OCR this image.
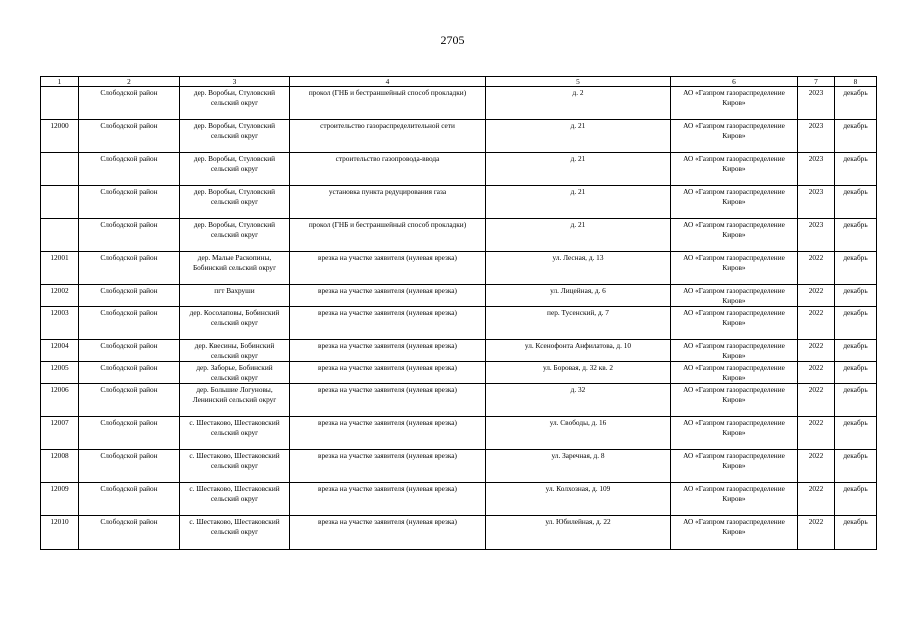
2705
1	2	3	4	5	6	7	8
	Слободской район	дер. Воробьи, Стуловский сельский округ	прокол (ГНБ и бестраншейный способ прокладки)	д. 2	АО «Газпром газораспределение Киров»	2023	декабрь
12000	Слободской район	дер. Воробьи, Стуловский сельский округ	строительство газораспределительной сети	д. 21	АО «Газпром газораспределение Киров»	2023	декабрь
	Слободской район	дер. Воробьи, Стуловский сельский округ	строительство газопровода-ввода	д. 21	АО «Газпром газораспределение Киров»	2023	декабрь
	Слободской район	дер. Воробьи, Стуловский сельский округ	установка пункта редуцирования газа	д. 21	АО «Газпром газораспределение Киров»	2023	декабрь
	Слободской район	дер. Воробьи, Стуловский сельский округ	прокол (ГНБ и бестраншейный способ прокладки)	д. 21	АО «Газпром газораспределение Киров»	2023	декабрь
12001	Слободской район	дер. Малые Раскопины, Бобинский сельский округ	врезка на участке заявителя (нулевая врезка)	ул. Лесная, д. 13	АО «Газпром газораспределение Киров»	2022	декабрь
12002	Слободской район	пгт Вахруши	врезка на участке заявителя (нулевая врезка)	ул. Лицейная, д. 6	АО «Газпром газораспределение Киров»	2022	декабрь
12003	Слободской район	дер. Косолаповы, Бобинский сельский округ	врезка на участке заявителя (нулевая врезка)	пер. Тусенский, д. 7	АО «Газпром газораспределение Киров»	2022	декабрь
12004	Слободской район	дер. Квесины, Бобинский сельский округ	врезка на участке заявителя (нулевая врезка)	ул. Ксенофонта Анфилатова, д. 10	АО «Газпром газораспределение Киров»	2022	декабрь
12005	Слободской район	дер. Заборье, Бобинский сельский округ	врезка на участке заявителя (нулевая врезка)	ул. Боровая, д. 32 кв. 2	АО «Газпром газораспределение Киров»	2022	декабрь
12006	Слободской район	дер. Большие Логуновы, Ленинский сельский округ	врезка на участке заявителя (нулевая врезка)	д. 32	АО «Газпром газораспределение Киров»	2022	декабрь
12007	Слободской район	с. Шестаково, Шестаковский сельский округ	врезка на участке заявителя (нулевая врезка)	ул. Свободы, д. 16	АО «Газпром газораспределение Киров»	2022	декабрь
12008	Слободской район	с. Шестаково, Шестаковский сельский округ	врезка на участке заявителя (нулевая врезка)	ул. Заречная, д. 8	АО «Газпром газораспределение Киров»	2022	декабрь
12009	Слободской район	с. Шестаково, Шестаковский сельский округ	врезка на участке заявителя (нулевая врезка)	ул. Колхозная, д. 109	АО «Газпром газораспределение Киров»	2022	декабрь
12010	Слободской район	с. Шестаково, Шестаковский сельский округ	врезка на участке заявителя (нулевая врезка)	ул. Юбилейная, д. 22	АО «Газпром газораспределение Киров»	2022	декабрь
